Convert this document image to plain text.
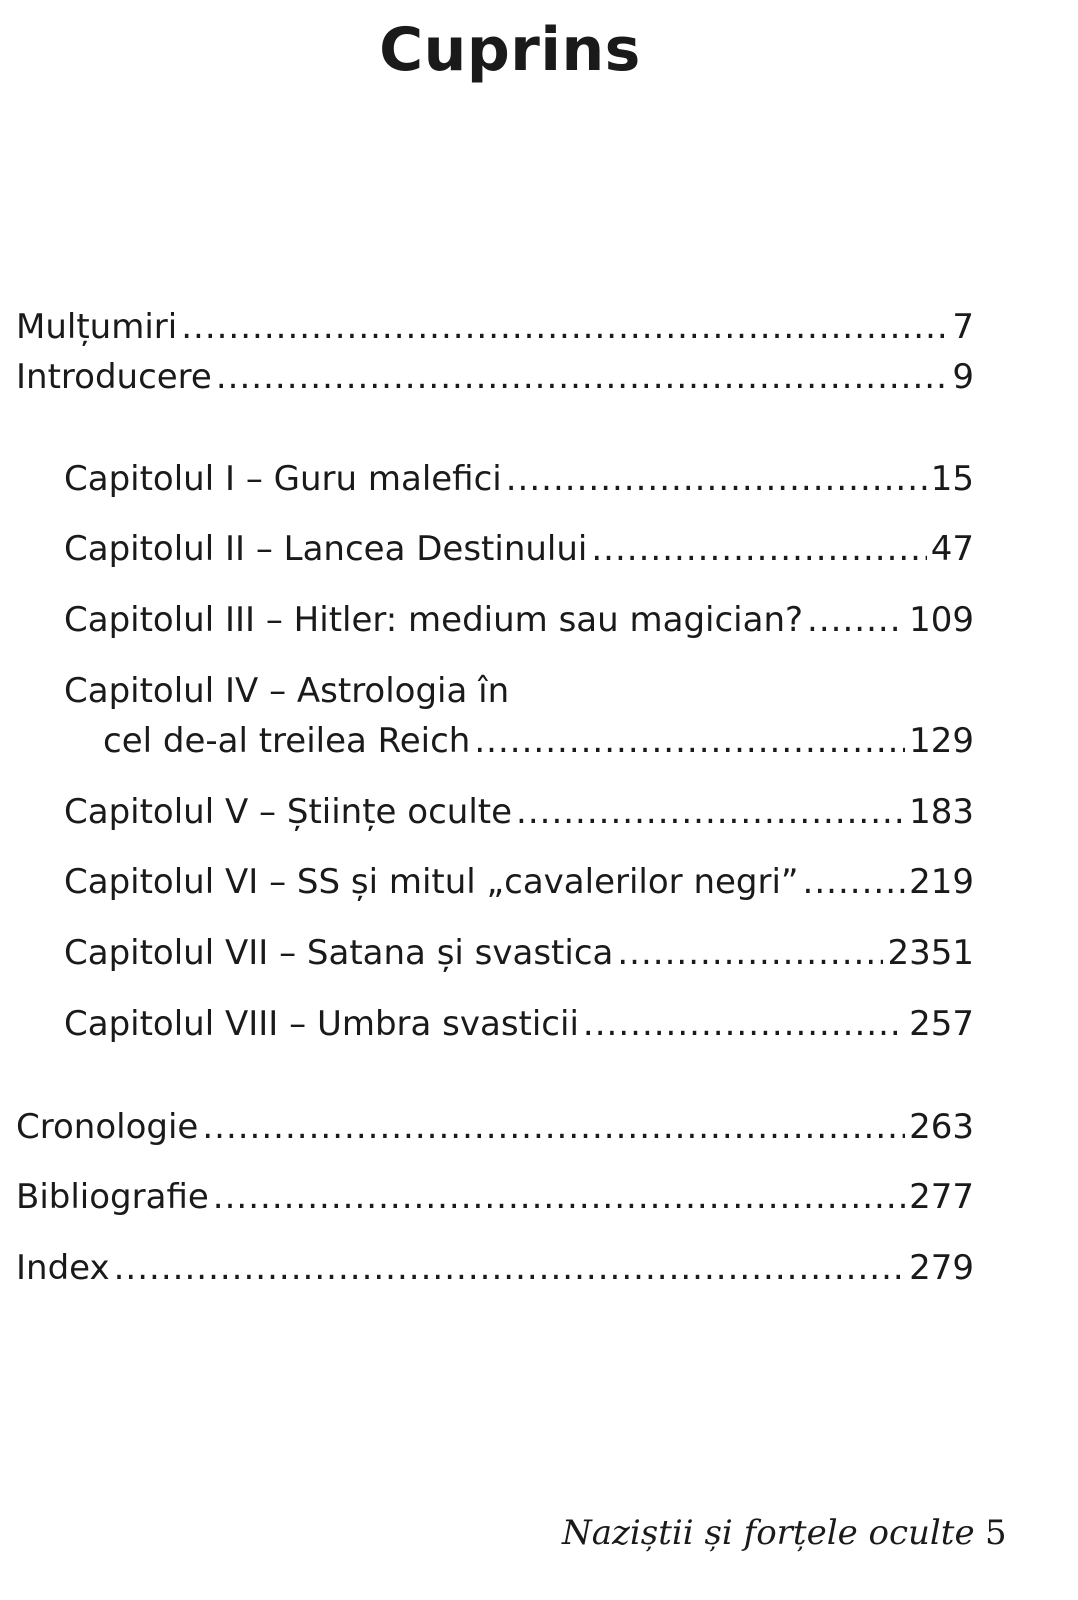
Cuprins
Mulțumiri .....	7
Introducere .....	9
Capitolul I – Guru malefici .....	15
Capitolul II – Lancea Destinului .....	47
Capitolul III – Hitler: medium sau magician? .....	109
Capitolul IV – Astrologia în
cel de-al treilea Reich .....	129
Capitolul V – Științe oculte .....	183
Capitolul VI – SS și mitul „cavalerilor negri” .....	219
Capitolul VII – Satana și svastica .....	2351
Capitolul VIII – Umbra svasticii .....	257
Cronologie .....	263
Bibliografie .....	277
Index .....	279
Naziștii și forțele oculte 5
